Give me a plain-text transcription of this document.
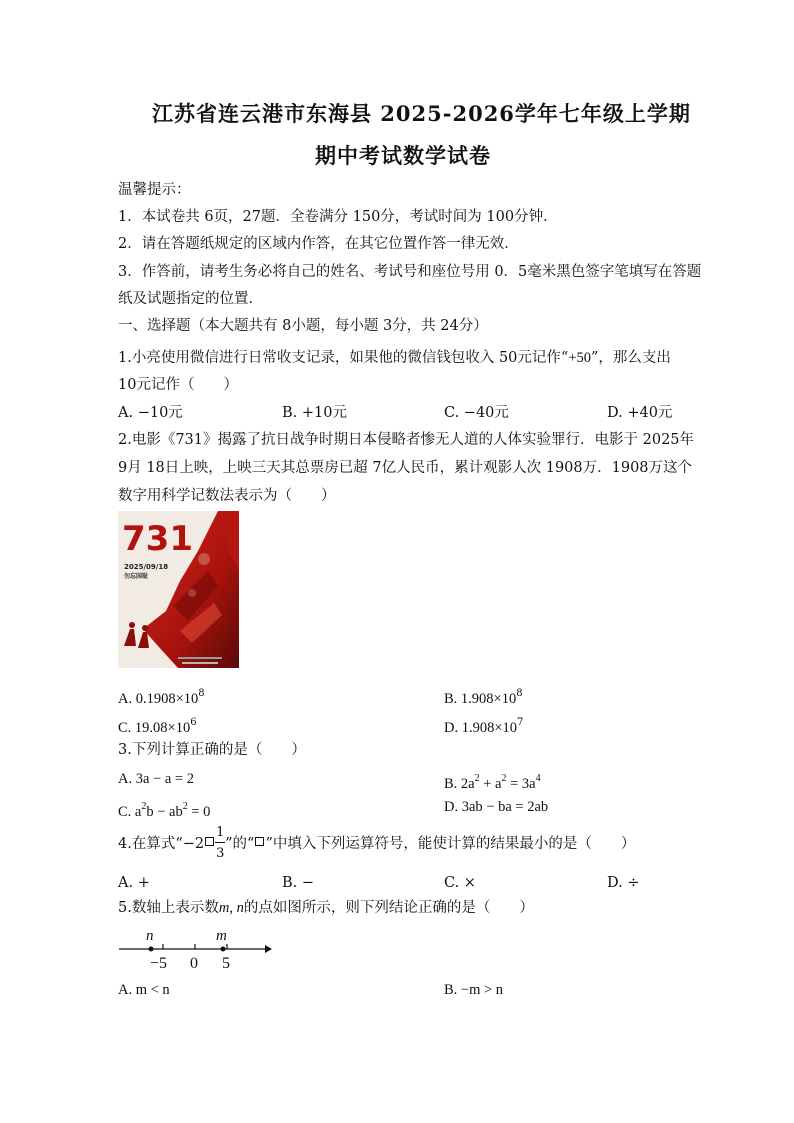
江苏省连云港市东海县 2025-2026学年七年级上学期
期中考试数学试卷
温馨提示：
1．本试卷共 6页，27题．全卷满分 150分，考试时间为 100分钟．
2．请在答题纸规定的区域内作答，在其它位置作答一律无效．
3．作答前，请考生务必将自己的姓名、考试号和座位号用 0．5毫米黑色签字笔填写在答题
纸及试题指定的位置．
一、选择题（本大题共有 8小题，每小题 3分，共 24分）
1.小亮使用微信进行日常收支记录，如果他的微信钱包收入 50元记作“+50”，那么支出
10元记作（　　）
A. −10元	B. +10元	C. −40元	D. +40元
2.电影《731》揭露了抗日战争时期日本侵略者惨无人道的人体实验罪行．电影于 2025年
9月 18日上映，上映三天其总票房已超 7亿人民币，累计观影人次 1908万．1908万这个
数字用科学记数法表示为（　　）
731
2025/09/18
勿忘国耻
A. $0.1908\times 10^8$	B. $1.908\times 10^8$
C. $19.08\times 10^6$	D. $1.908\times 10^7$
3.下列计算正确的是（　　）
A. 3a − a = 2	B. $2a^2 + a^2 = 3a^4$
C. $a^2b - ab^2 = 0$	D. 3ab − ba = 2ab
4.在算式“$-2 \frac{1}{3}$ ”的“ ”中填入下列运算符号，能使计算的结果最小的是（　　）
A. +	B. −	C. ×	D. ÷
5.数轴上表示数m, n的点如图所示，则下列结论正确的是（　　）
n	m
−5 0 5
A. m < n	B. −m > n
